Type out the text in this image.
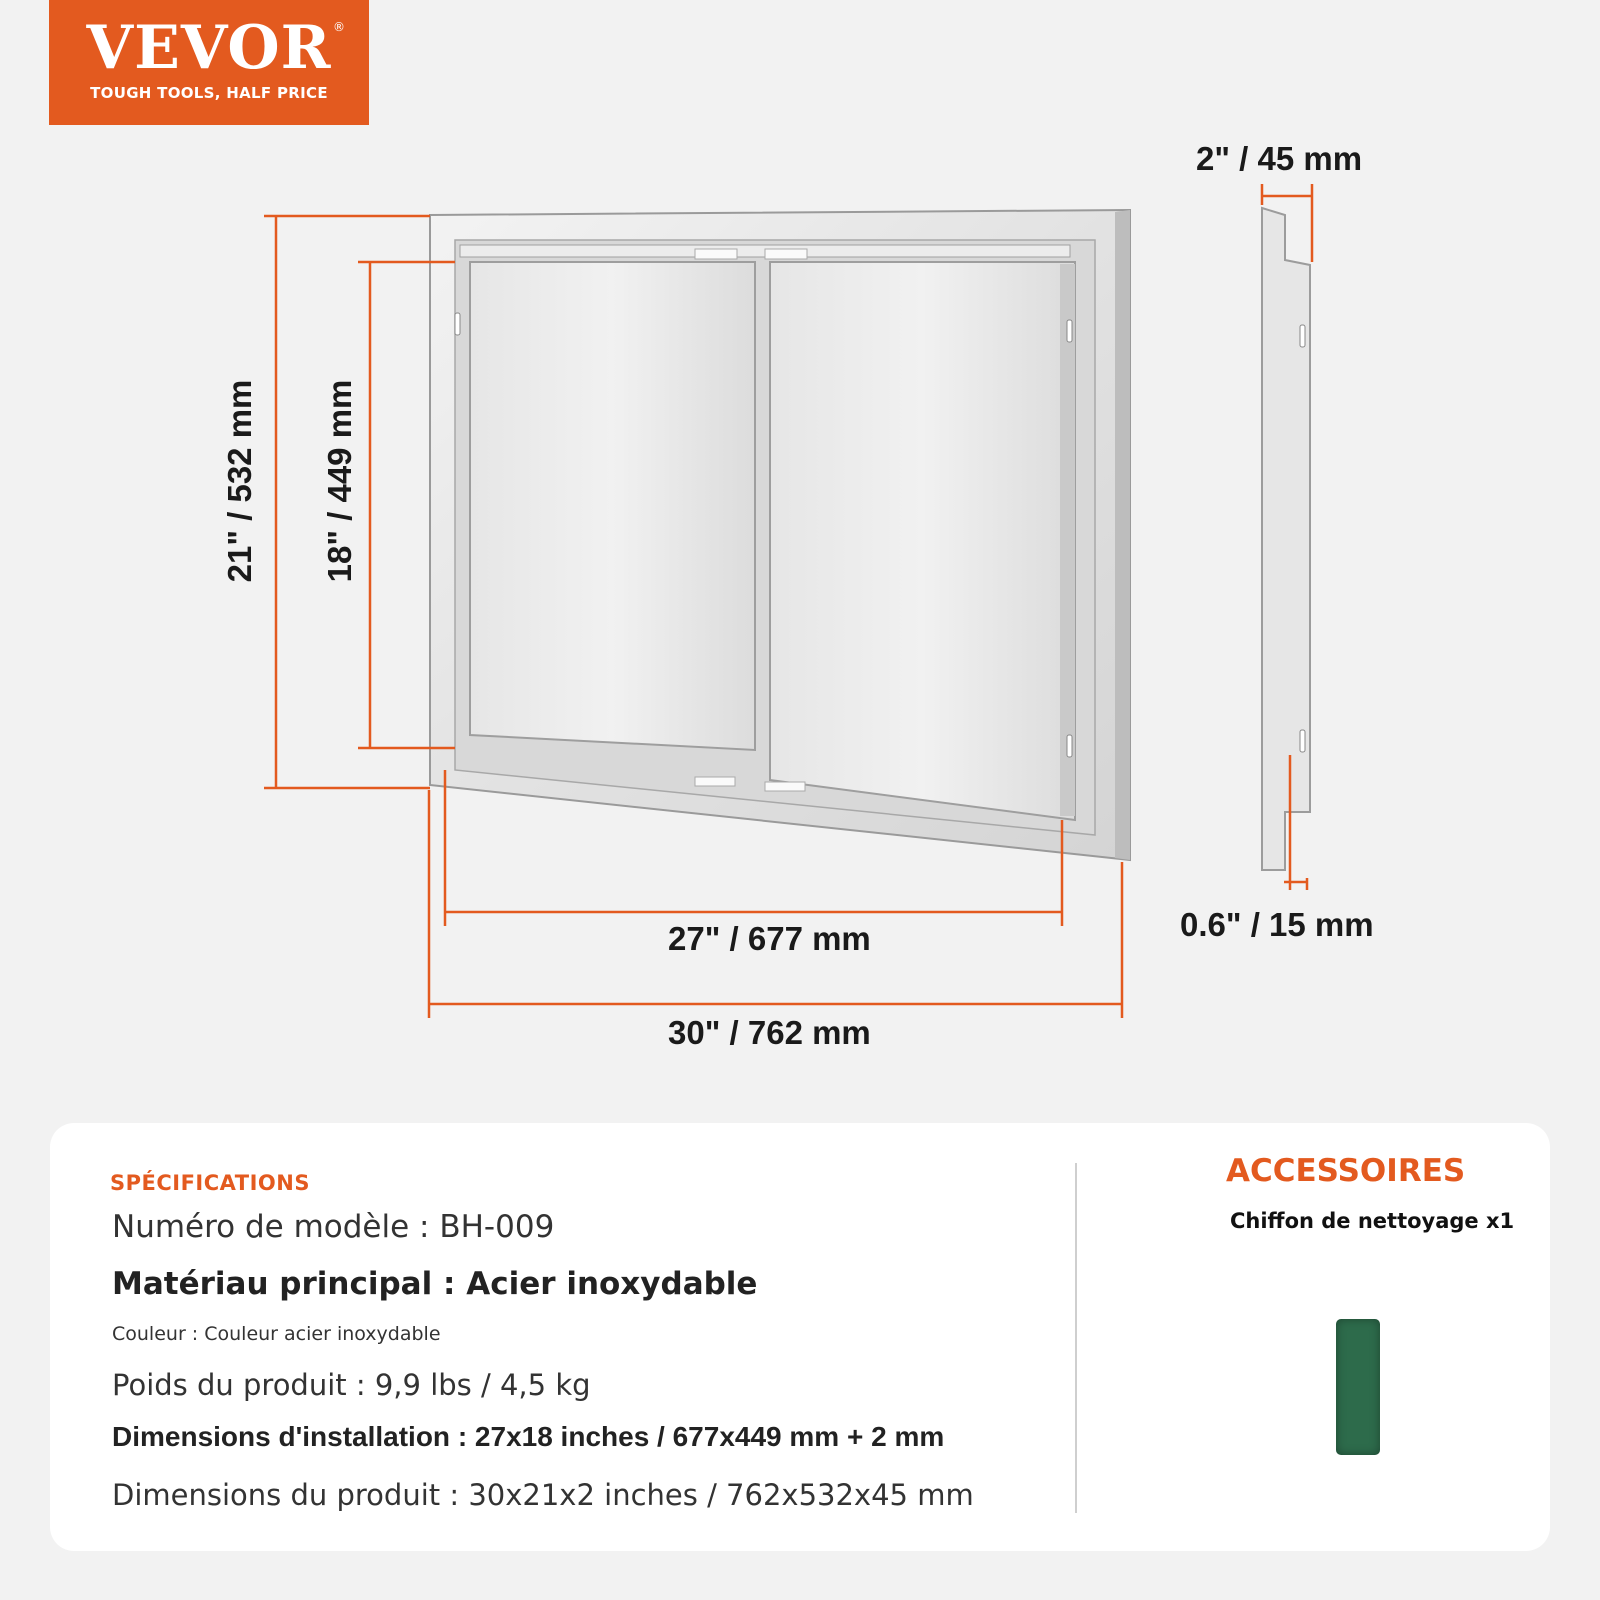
VEVOR ®
TOUGH TOOLS, HALF PRICE
21" / 532 mm 18" / 449 mm
27" / 677 mm
30" / 762 mm
2" / 45 mm
0.6" / 15 mm
SPÉCIFICATIONS
Numéro de modèle : BH-009
Matériau principal : Acier inoxydable
Couleur : Couleur acier inoxydable
Poids du produit : 9,9 lbs / 4,5 kg
Dimensions d'installation : 27x18 inches / 677x449 mm + 2 mm
Dimensions du produit : 30x21x2 inches / 762x532x45 mm
ACCESSOIRES
Chiffon de nettoyage x1
